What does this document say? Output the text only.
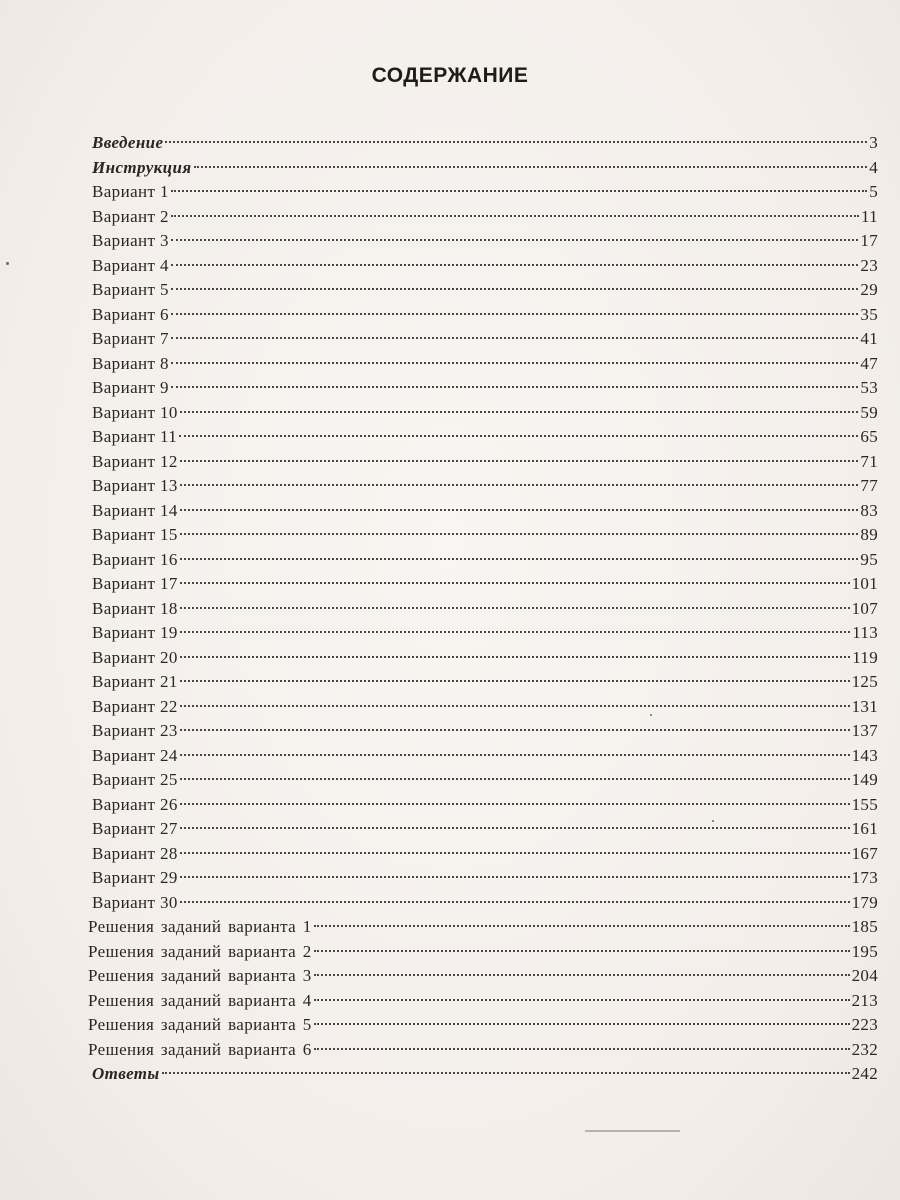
СОДЕРЖАНИЕ
Введение	3
Инструкция	4
Вариант 1	5
Вариант 2	11
Вариант 3	17
Вариант 4	23
Вариант 5	29
Вариант 6	35
Вариант 7	41
Вариант 8	47
Вариант 9	53
Вариант 10	59
Вариант 11	65
Вариант 12	71
Вариант 13	77
Вариант 14	83
Вариант 15	89
Вариант 16	95
Вариант 17	101
Вариант 18	107
Вариант 19	113
Вариант 20	119
Вариант 21	125
Вариант 22	131
Вариант 23	137
Вариант 24	143
Вариант 25	149
Вариант 26	155
Вариант 27	161
Вариант 28	167
Вариант 29	173
Вариант 30	179
Решения заданий варианта 1	185
Решения заданий варианта 2	195
Решения заданий варианта 3	204
Решения заданий варианта 4	213
Решения заданий варианта 5	223
Решения заданий варианта 6	232
Ответы	242
